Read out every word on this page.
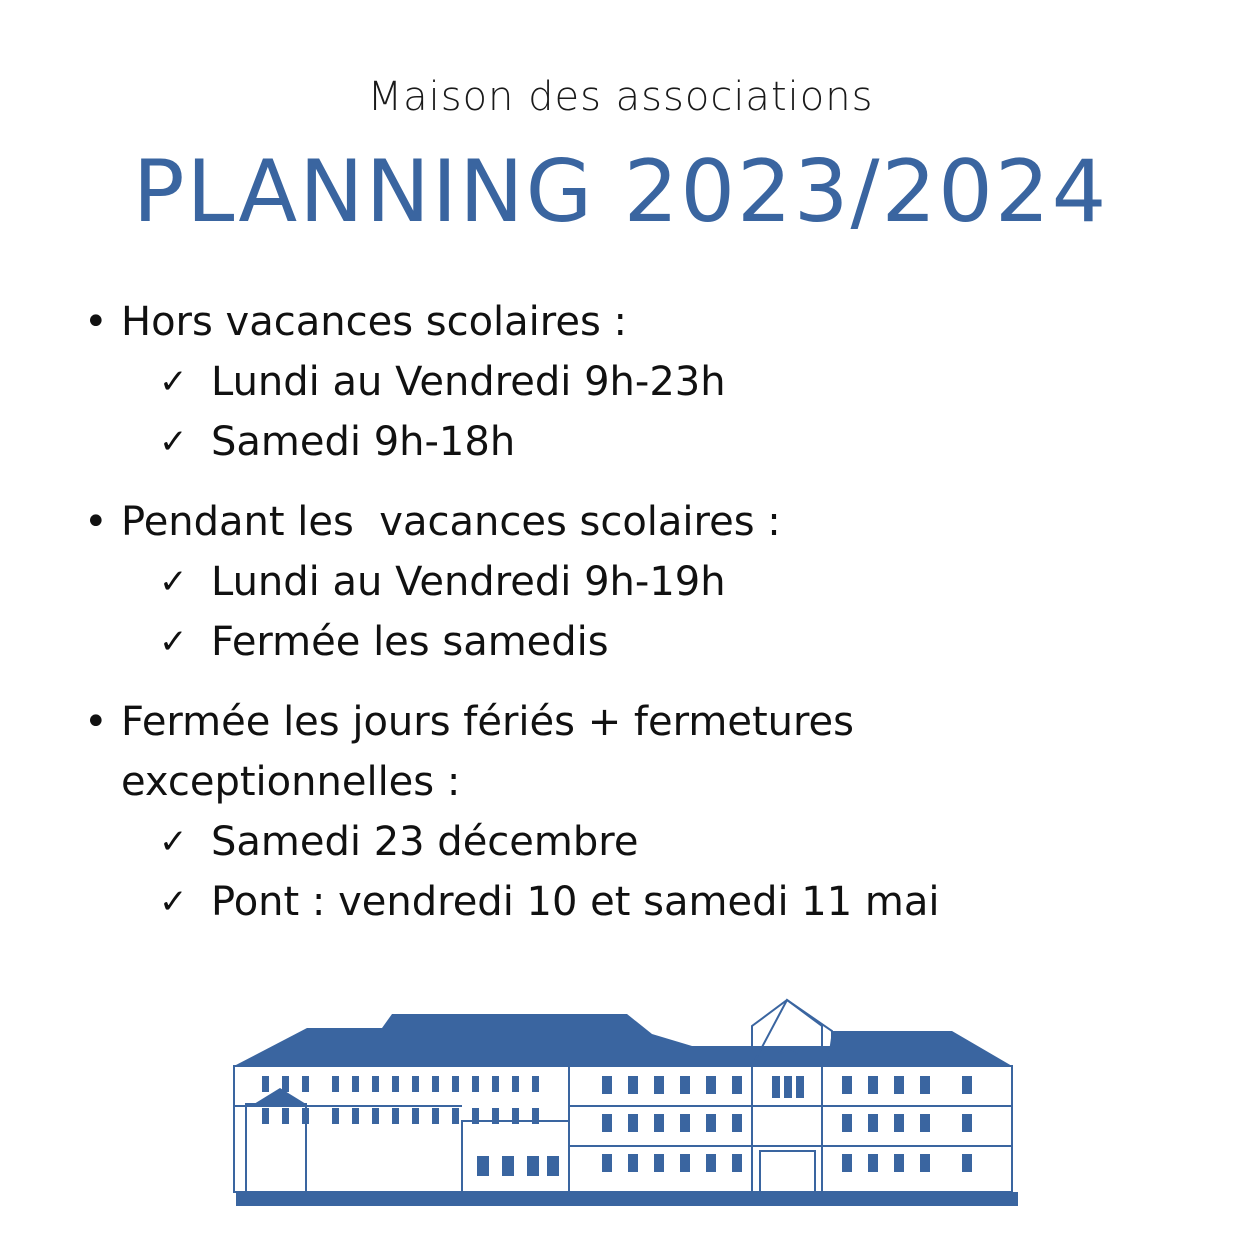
Maison des associations
PLANNING 2023/2024
• Hors vacances scolaires :
✓ Lundi au Vendredi 9h-23h
✓ Samedi 9h-18h
• Pendant les  vacances scolaires :
✓ Lundi au Vendredi 9h-19h
✓ Fermée les samedis
• Fermée les jours fériés + fermetures exceptionnelles :
✓ Samedi 23 décembre
✓ Pont : vendredi 10 et samedi 11 mai
